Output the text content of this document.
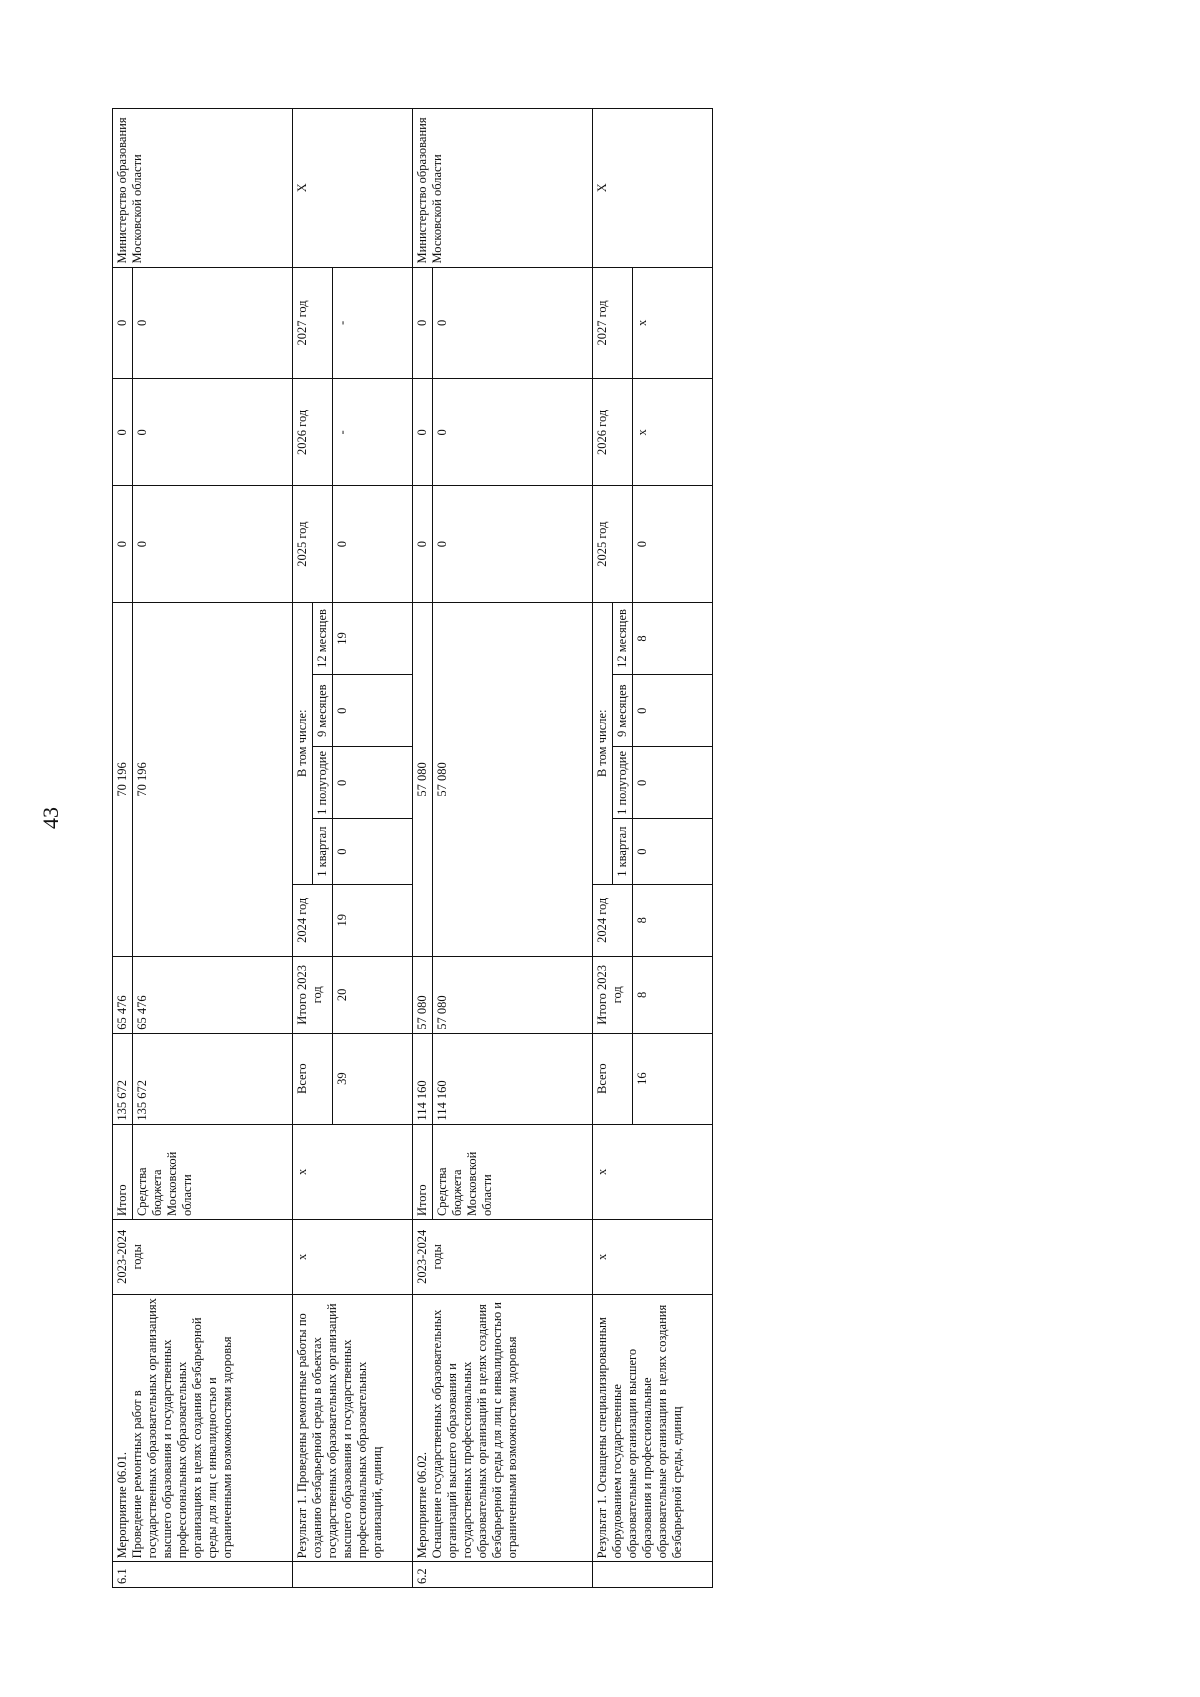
43
6.1	Мероприятие 06.01. Проведение ремонтных работ в государственных образовательных организациях высшего образования и государственных профессиональных образовательных организациях в целях создания безбарьерной среды для лиц с инвалидностью и ограниченными возможностями здоровья	2023-2024 годы	Итого	135 672	65 476	70 196					0	0	0	Министерство образования Московской области
			Средства бюджета Московской области	135 672	65 476	70 196					0	0	0	
	Результат 1. Проведены ремонтные работы по созданию безбарьерной среды в объектах государственных образовательных организаций высшего образования и государственных профессиональных образовательных организаций, единиц	х	х	Всего	Итого 2023 год	2024 год	В том числе:				2025 год	2026 год	2027 год	Х
							1 квартал	1 полугодие	9 месяцев	12 месяцев				
				39	20	19	0	0	0	19	0	-	-	
6.2	Мероприятие 06.02. Оснащение государственных образовательных организаций высшего образования и государственных профессиональных образовательных организаций в целях создания безбарьерной среды для лиц с инвалидностью и ограниченными возможностями здоровья	2023-2024 годы	Итого	114 160	57 080	57 080					0	0	0	Министерство образования Московской области
			Средства бюджета Московской области	114 160	57 080	57 080					0	0	0	
	Результат 1. Оснащены специализированным оборудованием государственные образовательные организации высшего образования и профессиональные образовательные организации в целях создания безбарьерной среды, единиц	х	х	Всего	Итого 2023 год	2024 год	В том числе:				2025 год	2026 год	2027 год	Х
							1 квартал	1 полугодие	9 месяцев	12 месяцев				
				16	8	8	0	0	0	8	0	х	х	
